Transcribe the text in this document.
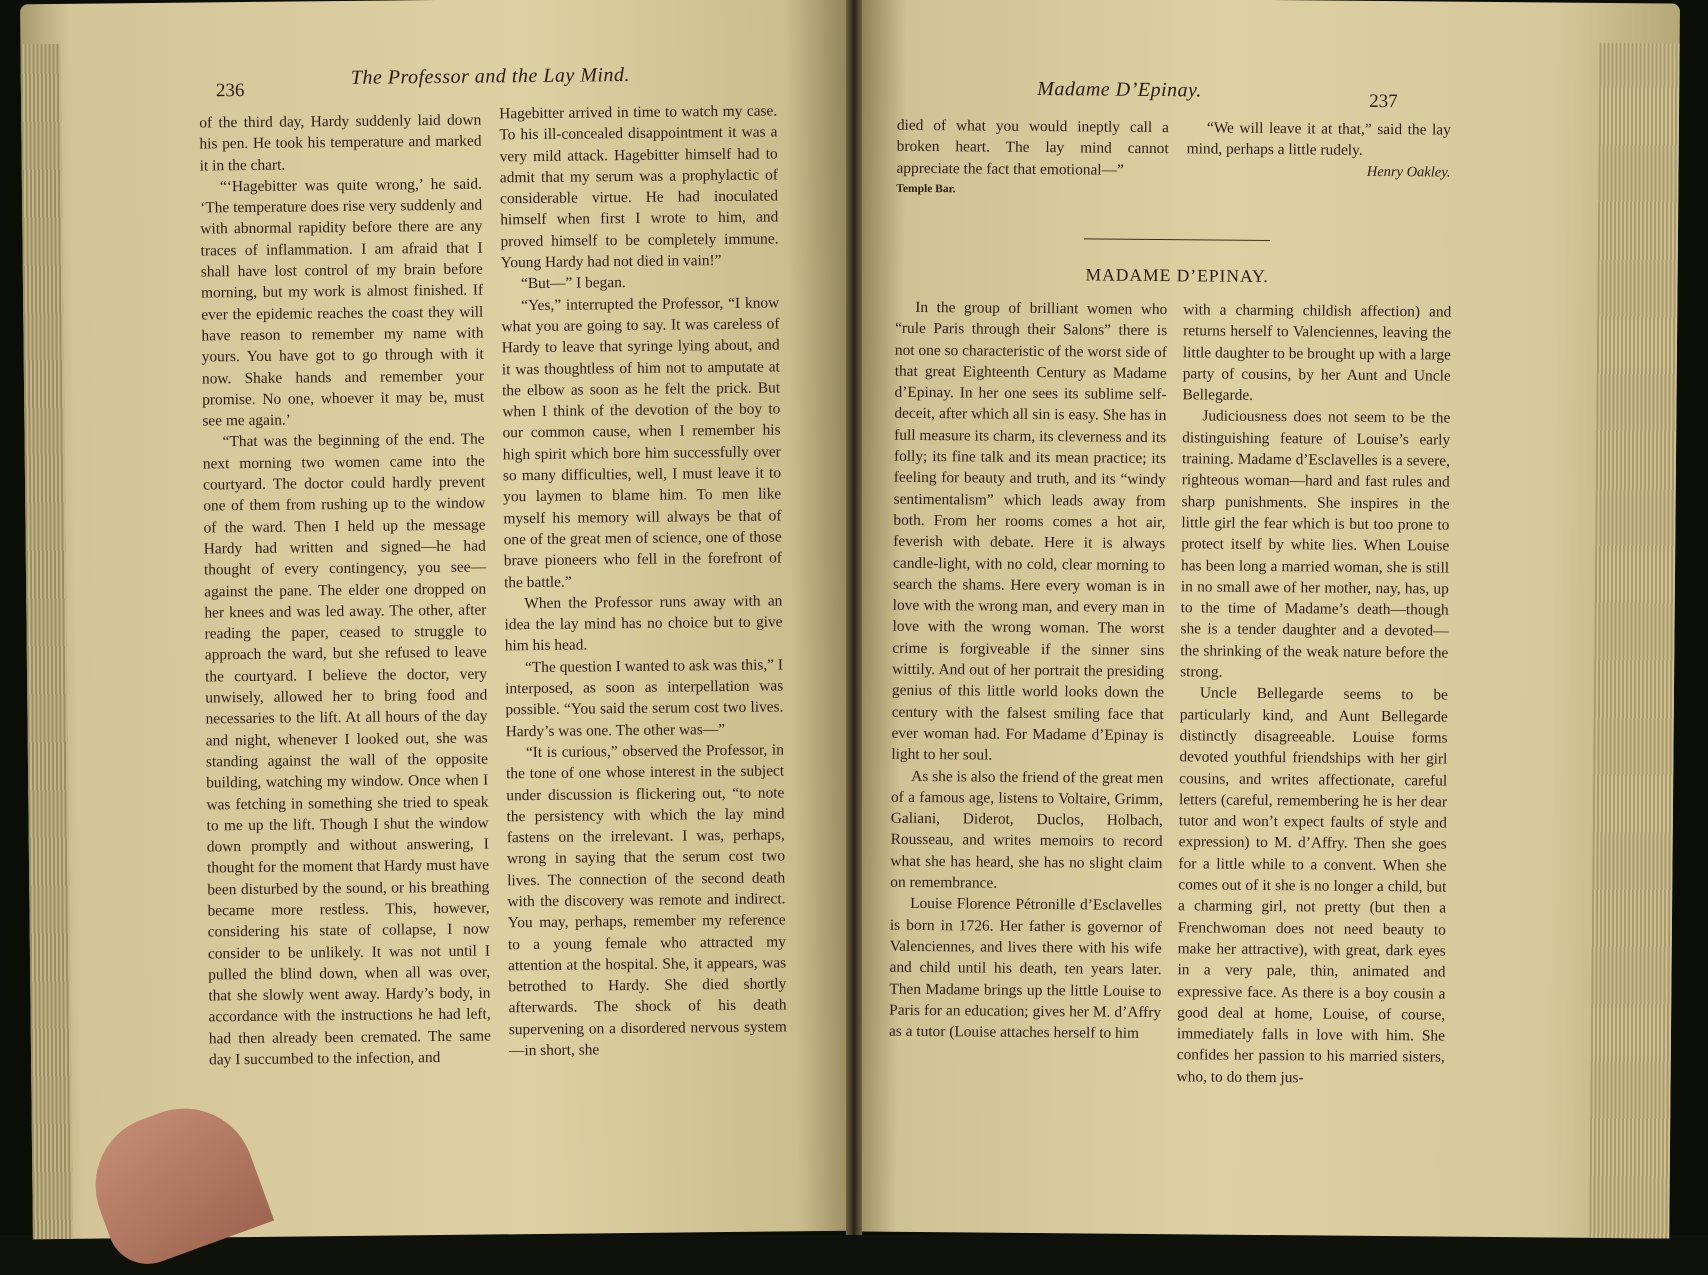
236
The Professor and the Lay Mind.

of the third day, Hardy suddenly laid down his pen. He took his temperature and marked it in the chart.

“‘Hagebitter was quite wrong,’ he said. ‘The temperature does rise very suddenly and with abnormal rapidity before there are any traces of inflammation. I am afraid that I shall have lost control of my brain before morning, but my work is almost finished. If ever the epidemic reaches the coast they will have reason to remember my name with yours. You have got to go through with it now. Shake hands and remember your promise. No one, whoever it may be, must see me again.’

“That was the beginning of the end. The next morning two women came into the courtyard. The doctor could hardly prevent one of them from rushing up to the window of the ward. Then I held up the message Hardy had written and signed—he had thought of every contingency, you see—against the pane. The elder one dropped on her knees and was led away. The other, after reading the paper, ceased to struggle to approach the ward, but she refused to leave the courtyard. I believe the doctor, very unwisely, allowed her to bring food and necessaries to the lift. At all hours of the day and night, whenever I looked out, she was standing against the wall of the opposite building, watching my window. Once when I was fetching in something she tried to speak to me up the lift. Though I shut the window down promptly and without answering, I thought for the moment that Hardy must have been disturbed by the sound, or his breathing became more restless. This, however, considering his state of collapse, I now consider to be unlikely. It was not until I pulled the blind down, when all was over, that she slowly went away. Hardy’s body, in accordance with the instructions he had left, had then already been cremated. The same day I succumbed to the infection, and

Hagebitter arrived in time to watch my case. To his ill-concealed disappointment it was a very mild attack. Hagebitter himself had to admit that my serum was a prophylactic of considerable virtue. He had inoculated himself when first I wrote to him, and proved himself to be completely immune. Young Hardy had not died in vain!”

“But—” I began.

“Yes,” interrupted the Professor, “I know what you are going to say. It was careless of Hardy to leave that syringe lying about, and it was thoughtless of him not to amputate at the elbow as soon as he felt the prick. But when I think of the devotion of the boy to our common cause, when I remember his high spirit which bore him successfully over so many difficulties, well, I must leave it to you laymen to blame him. To men like myself his memory will always be that of one of the great men of science, one of those brave pioneers who fell in the forefront of the battle.”

When the Professor runs away with an idea the lay mind has no choice but to give him his head.

“The question I wanted to ask was this,” I interposed, as soon as interpellation was possible. “You said the serum cost two lives. Hardy’s was one. The other was—”

“It is curious,” observed the Professor, in the tone of one whose interest in the subject under discussion is flickering out, “to note the persistency with which the lay mind fastens on the irrelevant. I was, perhaps, wrong in saying that the serum cost two lives. The connection of the second death with the discovery was remote and indirect. You may, perhaps, remember my reference to a young female who attracted my attention at the hospital. She, it appears, was betrothed to Hardy. She died shortly afterwards. The shock of his death supervening on a disordered nervous system—in short, she

Madame D’Epinay.
237

died of what you would ineptly call a broken heart. The lay mind cannot appreciate the fact that emotional—”

Temple Bar.

“We will leave it at that,” said the lay mind, perhaps a little rudely.

Henry Oakley.

MADAME D’EPINAY.

In the group of brilliant women who “rule Paris through their Salons” there is not one so characteristic of the worst side of that great Eighteenth Century as Madame d’Epinay. In her one sees its sublime self-deceit, after which all sin is easy. She has in full measure its charm, its cleverness and its folly; its fine talk and its mean practice; its feeling for beauty and truth, and its “windy sentimentalism” which leads away from both. From her rooms comes a hot air, feverish with debate. Here it is always candle-light, with no cold, clear morning to search the shams. Here every woman is in love with the wrong man, and every man in love with the wrong woman. The worst crime is forgiveable if the sinner sins wittily. And out of her portrait the presiding genius of this little world looks down the century with the falsest smiling face that ever woman had. For Madame d’Epinay is light to her soul.

As she is also the friend of the great men of a famous age, listens to Voltaire, Grimm, Galiani, Diderot, Duclos, Holbach, Rousseau, and writes memoirs to record what she has heard, she has no slight claim on remembrance.

Louise Florence Pétronille d’Esclavelles is born in 1726. Her father is governor of Valenciennes, and lives there with his wife and child until his death, ten years later. Then Madame brings up the little Louise to Paris for an education; gives her M. d’Affry as a tutor (Louise attaches herself to him

with a charming childish affection) and returns herself to Valenciennes, leaving the little daughter to be brought up with a large party of cousins, by her Aunt and Uncle Bellegarde.

Judiciousness does not seem to be the distinguishing feature of Louise’s early training. Madame d’Esclavelles is a severe, righteous woman—hard and fast rules and sharp punishments. She inspires in the little girl the fear which is but too prone to protect itself by white lies. When Louise has been long a married woman, she is still in no small awe of her mother, nay, has, up to the time of Madame’s death—though she is a tender daughter and a devoted—the shrinking of the weak nature before the strong.

Uncle Bellegarde seems to be particularly kind, and Aunt Bellegarde distinctly disagreeable. Louise forms devoted youthful friendships with her girl cousins, and writes affectionate, careful letters (careful, remembering he is her dear tutor and won’t expect faults of style and expression) to M. d’Affry. Then she goes for a little while to a convent. When she comes out of it she is no longer a child, but a charming girl, not pretty (but then a Frenchwoman does not need beauty to make her attractive), with great, dark eyes in a very pale, thin, animated and expressive face. As there is a boy cousin a good deal at home, Louise, of course, immediately falls in love with him. She confides her passion to his married sisters, who, to do them jus-
